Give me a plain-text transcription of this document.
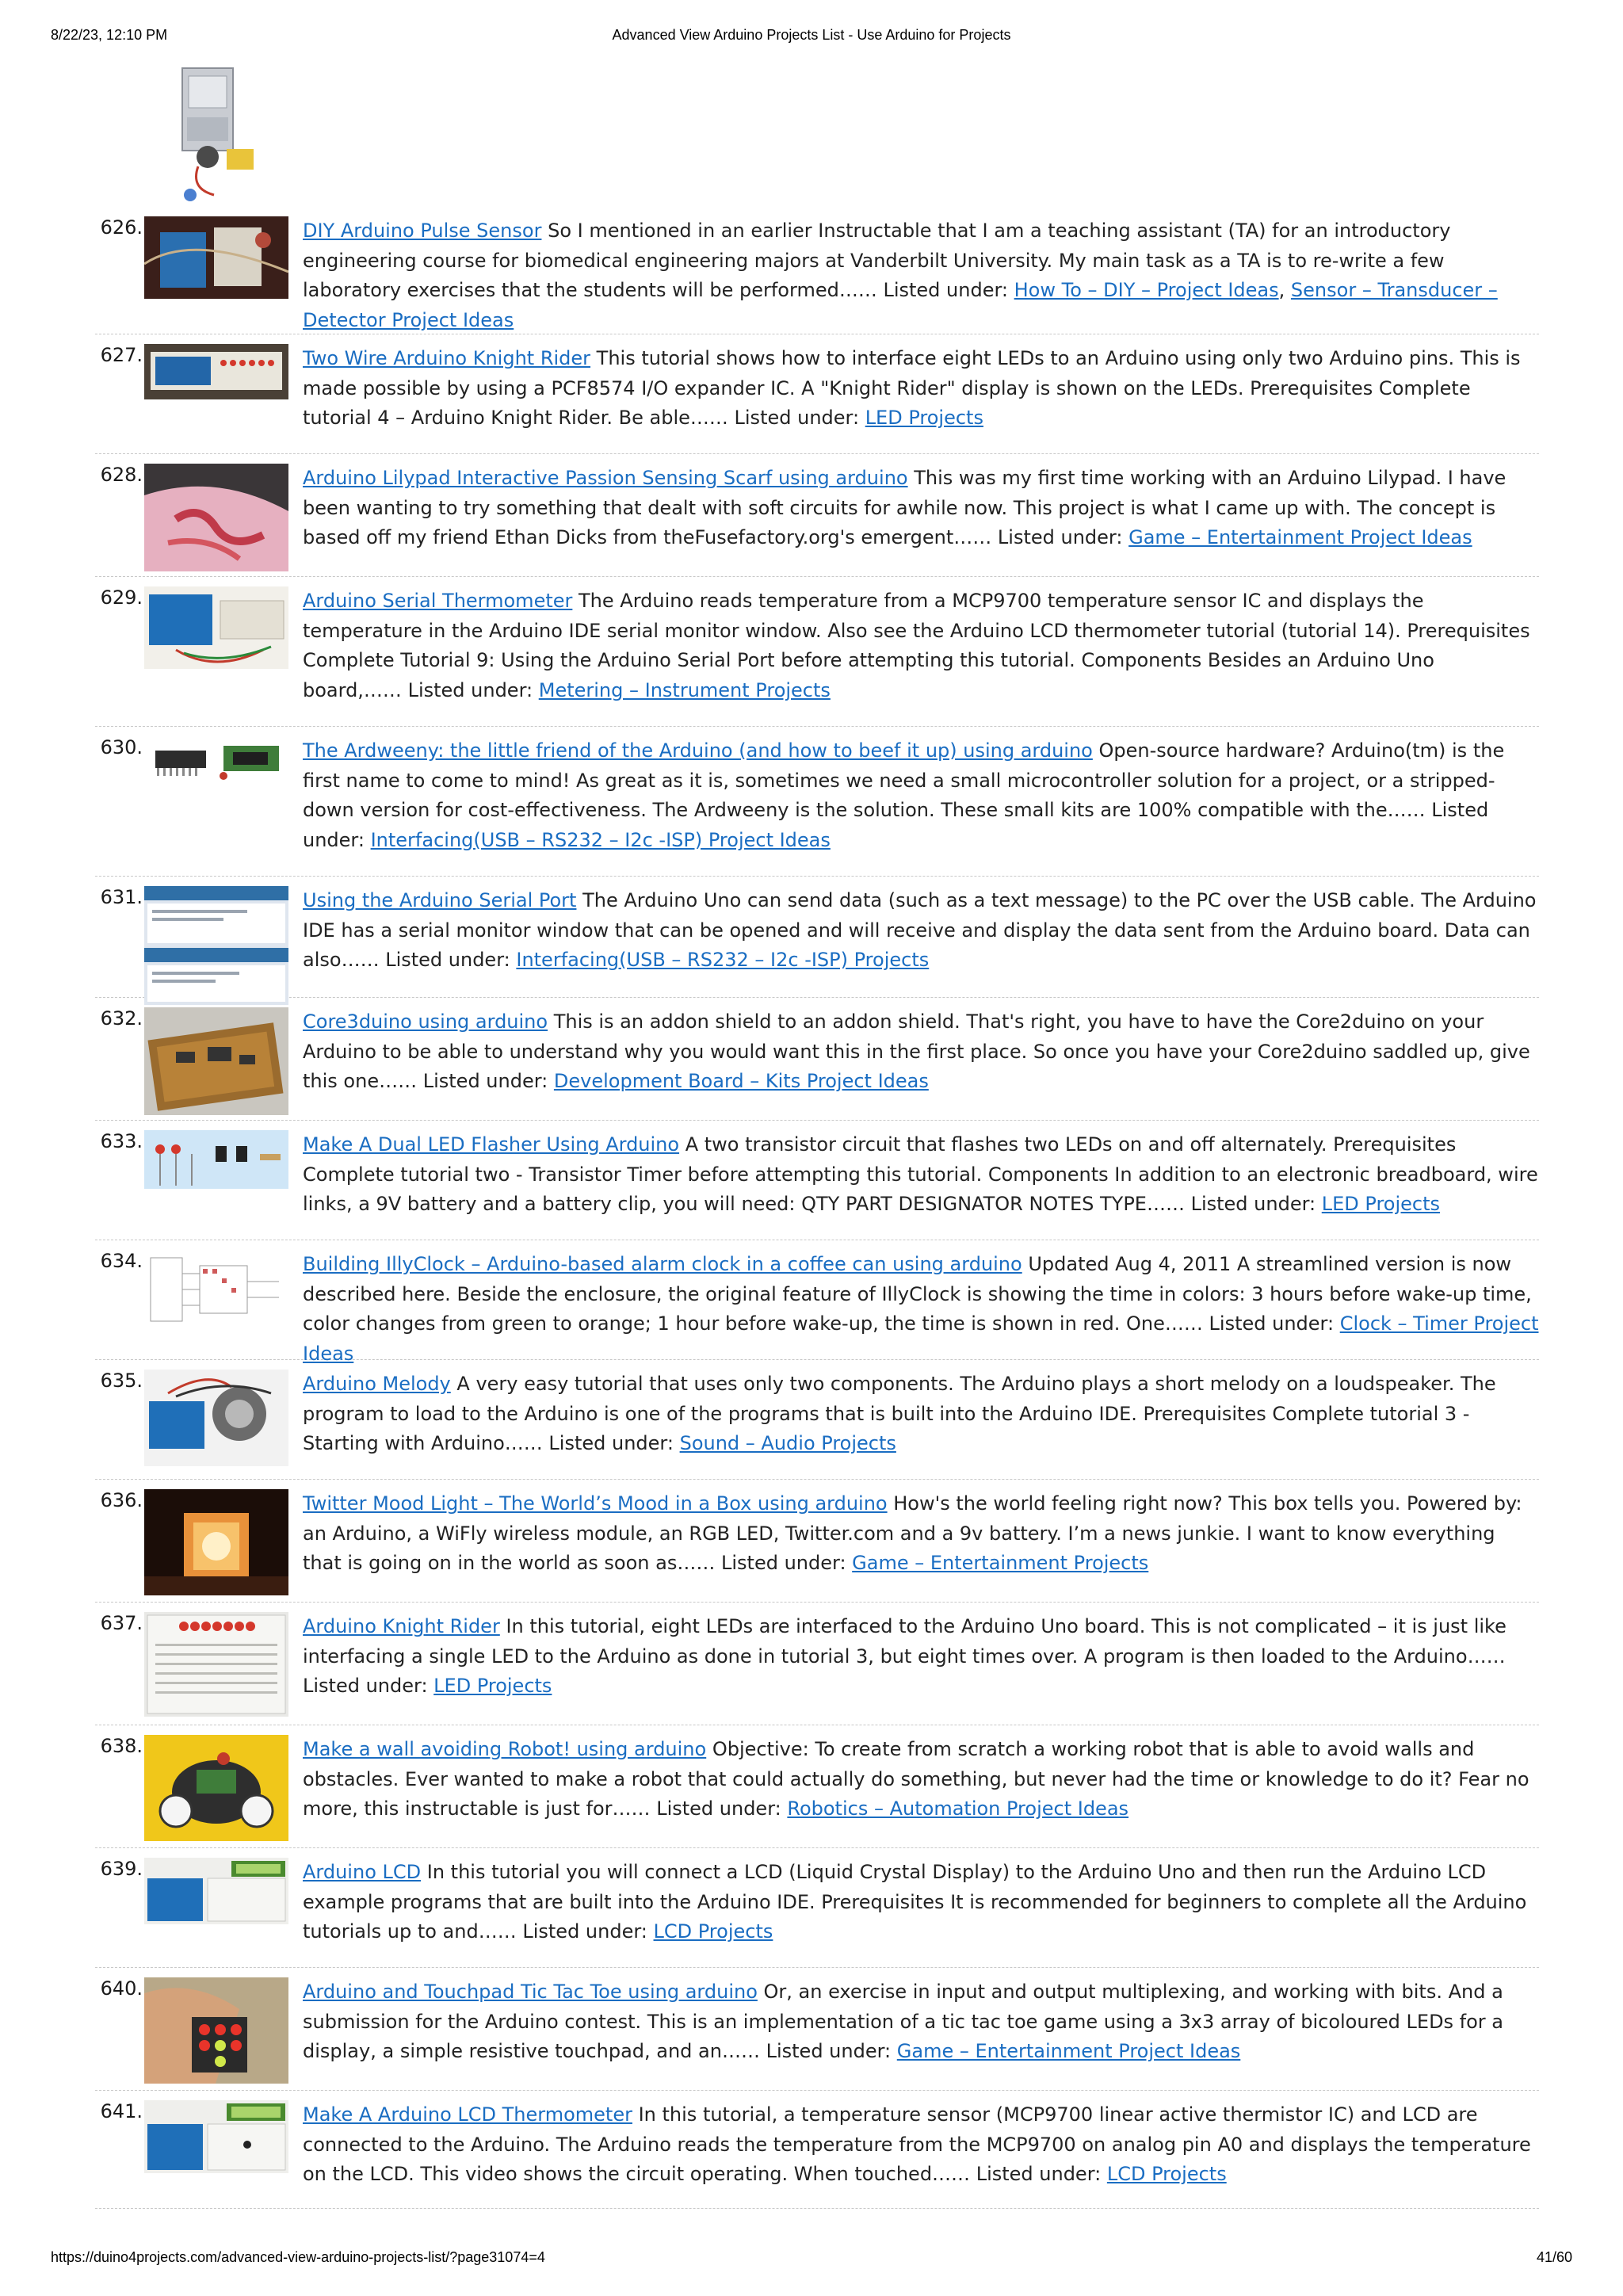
8/22/23, 12:10 PM	Advanced View Arduino Projects List - Use Arduino for Projects
626.	DIY Arduino Pulse Sensor So I mentioned in an earlier Instructable that I am a teaching assistant (TA) for an introductory engineering course for biomedical engineering majors at Vanderbilt University. My main task as a TA is to re-write a few laboratory exercises that the students will be performed…… Listed under: How To – DIY – Project Ideas, Sensor – Transducer – Detector Project Ideas
627.	Two Wire Arduino Knight Rider This tutorial shows how to interface eight LEDs to an Arduino using only two Arduino pins. This is made possible by using a PCF8574 I/O expander IC. A "Knight Rider" display is shown on the LEDs. Prerequisites Complete tutorial 4 – Arduino Knight Rider. Be able…… Listed under: LED Projects
628.	Arduino Lilypad Interactive Passion Sensing Scarf using arduino This was my first time working with an Arduino Lilypad. I have been wanting to try something that dealt with soft circuits for awhile now. This project is what I came up with. The concept is based off my friend Ethan Dicks from theFusefactory.org's emergent…… Listed under: Game – Entertainment Project Ideas
629.	Arduino Serial Thermometer The Arduino reads temperature from a MCP9700 temperature sensor IC and displays the temperature in the Arduino IDE serial monitor window. Also see the Arduino LCD thermometer tutorial (tutorial 14). Prerequisites Complete Tutorial 9: Using the Arduino Serial Port before attempting this tutorial. Components Besides an Arduino Uno board,…… Listed under: Metering – Instrument Projects
630.	The Ardweeny: the little friend of the Arduino (and how to beef it up) using arduino Open-source hardware? Arduino(tm) is the first name to come to mind! As great as it is, sometimes we need a small microcontroller solution for a project, or a stripped-down version for cost-effectiveness. The Ardweeny is the solution. These small kits are 100% compatible with the…… Listed under: Interfacing(USB – RS232 – I2c -ISP) Project Ideas
631.	Using the Arduino Serial Port The Arduino Uno can send data (such as a text message) to the PC over the USB cable. The Arduino IDE has a serial monitor window that can be opened and will receive and display the data sent from the Arduino board. Data can also…… Listed under: Interfacing(USB – RS232 – I2c -ISP) Projects
632.	Core3duino using arduino This is an addon shield to an addon shield. That's right, you have to have the Core2duino on your Arduino to be able to understand why you would want this in the first place. So once you have your Core2duino saddled up, give this one…… Listed under: Development Board – Kits Project Ideas
633.	Make A Dual LED Flasher Using Arduino A two transistor circuit that flashes two LEDs on and off alternately. Prerequisites Complete tutorial two - Transistor Timer before attempting this tutorial. Components In addition to an electronic breadboard, wire links, a 9V battery and a battery clip, you will need: QTY PART DESIGNATOR NOTES TYPE…… Listed under: LED Projects
634.	Building IllyClock – Arduino-based alarm clock in a coffee can using arduino Updated Aug 4, 2011 A streamlined version is now described here. Beside the enclosure, the original feature of IllyClock is showing the time in colors: 3 hours before wake-up time, color changes from green to orange; 1 hour before wake-up, the time is shown in red. One…… Listed under: Clock – Timer Project Ideas
635.	Arduino Melody A very easy tutorial that uses only two components. The Arduino plays a short melody on a loudspeaker. The program to load to the Arduino is one of the programs that is built into the Arduino IDE. Prerequisites Complete tutorial 3 - Starting with Arduino…… Listed under: Sound – Audio Projects
636.	Twitter Mood Light – The World’s Mood in a Box using arduino How's the world feeling right now? This box tells you. Powered by: an Arduino, a WiFly wireless module, an RGB LED, Twitter.com and a 9v battery. I’m a news junkie. I want to know everything that is going on in the world as soon as…… Listed under: Game – Entertainment Projects
637.	Arduino Knight Rider In this tutorial, eight LEDs are interfaced to the Arduino Uno board. This is not complicated – it is just like interfacing a single LED to the Arduino as done in tutorial 3, but eight times over. A program is then loaded to the Arduino…… Listed under: LED Projects
638.	Make a wall avoiding Robot! using arduino Objective: To create from scratch a working robot that is able to avoid walls and obstacles. Ever wanted to make a robot that could actually do something, but never had the time or knowledge to do it? Fear no more, this instructable is just for…… Listed under: Robotics – Automation Project Ideas
639.	Arduino LCD In this tutorial you will connect a LCD (Liquid Crystal Display) to the Arduino Uno and then run the Arduino LCD example programs that are built into the Arduino IDE. Prerequisites It is recommended for beginners to complete all the Arduino tutorials up to and…… Listed under: LCD Projects
640.	Arduino and Touchpad Tic Tac Toe using arduino Or, an exercise in input and output multiplexing, and working with bits. And a submission for the Arduino contest. This is an implementation of a tic tac toe game using a 3x3 array of bicoloured LEDs for a display, a simple resistive touchpad, and an…… Listed under: Game – Entertainment Project Ideas
641.	Make A Arduino LCD Thermometer In this tutorial, a temperature sensor (MCP9700 linear active thermistor IC) and LCD are connected to the Arduino. The Arduino reads the temperature from the MCP9700 on analog pin A0 and displays the temperature on the LCD. This video shows the circuit operating. When touched…… Listed under: LCD Projects
https://duino4projects.com/advanced-view-arduino-projects-list/?page31074=4	41/60
